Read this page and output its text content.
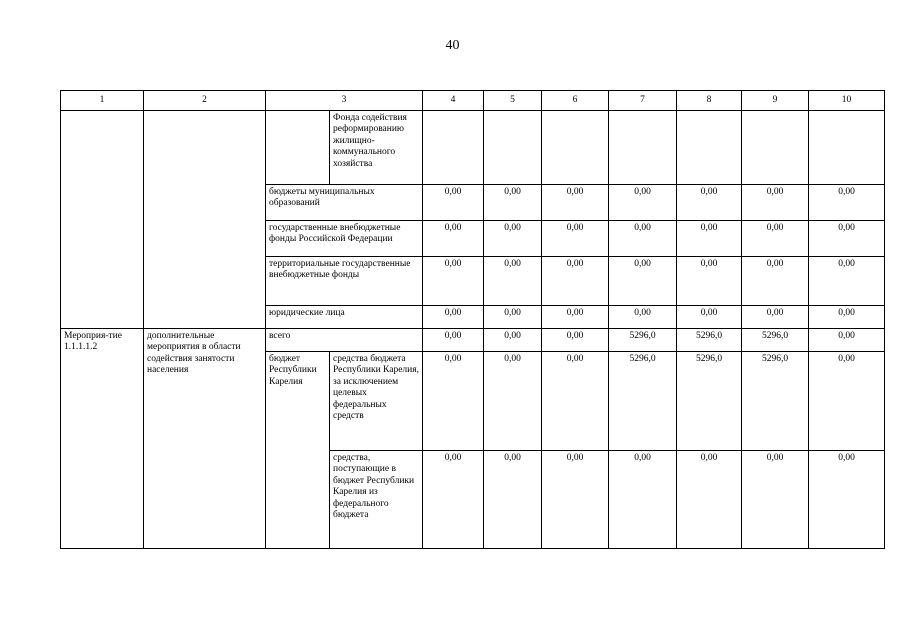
40
1	2	3		4	5	6	7	8	9	10
			Фонда содействия реформированию жилищно-коммунального хозяйства							
		бюджеты муниципальных образований		0,00	0,00	0,00	0,00	0,00	0,00	0,00
		государственные внебюджетные фонды Российской Федерации		0,00	0,00	0,00	0,00	0,00	0,00	0,00
		территориальные государственные внебюджетные фонды		0,00	0,00	0,00	0,00	0,00	0,00	0,00
		юридические лица		0,00	0,00	0,00	0,00	0,00	0,00	0,00
Мероприя-тие 1.1.1.1.2	дополнительные мероприятия в области содействия занятости населения	всего		0,00	0,00	0,00	5296,0	5296,0	5296,0	0,00
		бюджет Республики Карелия	средства бюджета Республики Карелия, за исключением целевых федеральных средств	0,00	0,00	0,00	5296,0	5296,0	5296,0	0,00
			средства, поступающие в бюджет Республики Карелия из федерального бюджета	0,00	0,00	0,00	0,00	0,00	0,00	0,00
